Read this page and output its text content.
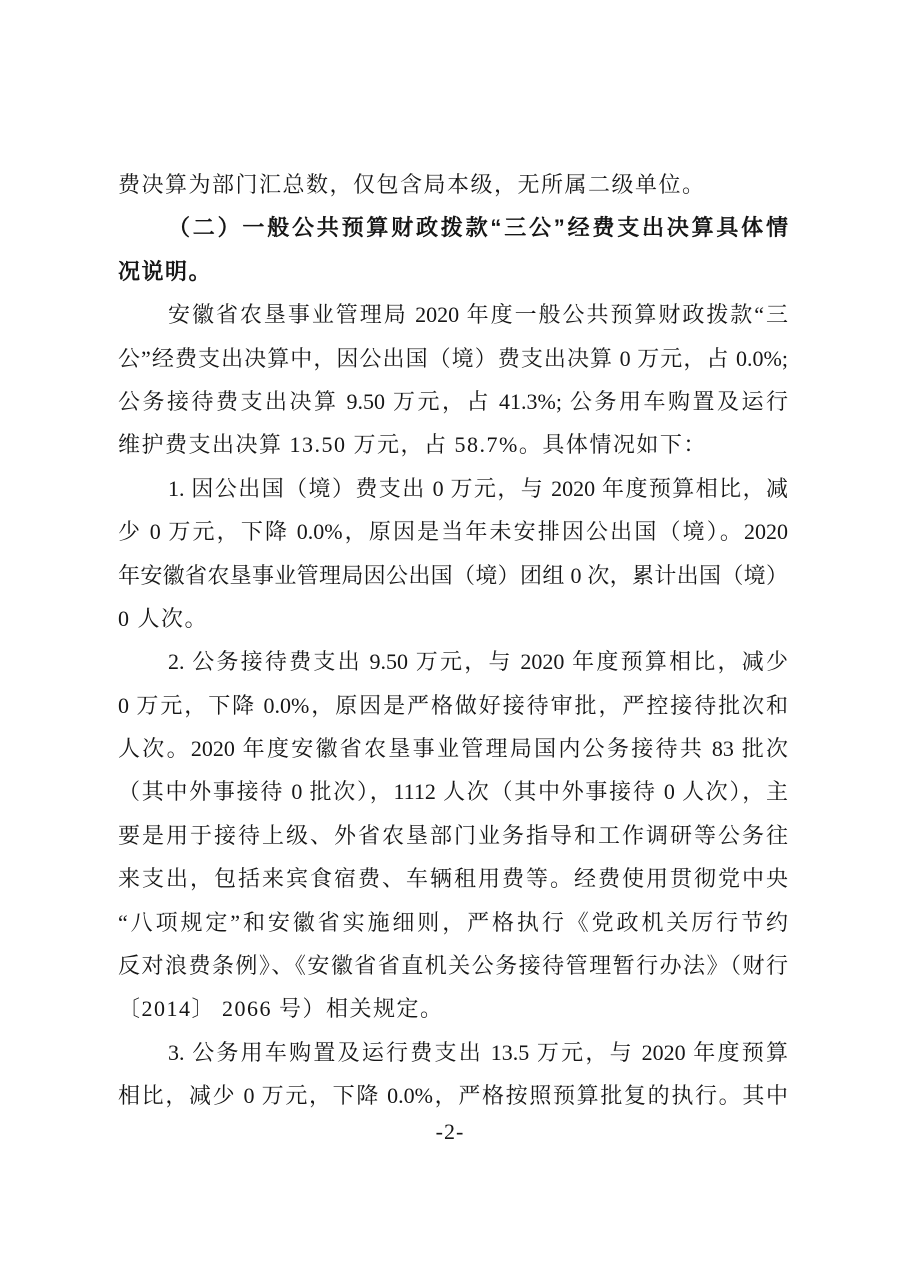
费决算为部门汇总数，仅包含局本级，无所属二级单位。
（二）一般公共预算财政拨款“三公”经费支出决算具体情
况说明。
安徽省农垦事业管理局 2020 年度一般公共预算财政拨款“三
公”经费支出决算中，因公出国（境）费支出决算 0 万元，占 0.0%;
公务接待费支出决算 9.50 万元，占 41.3%; 公务用车购置及运行
维护费支出决算 13.50 万元，占 58.7%。具体情况如下：
1. 因公出国（境）费支出 0 万元，与 2020 年度预算相比，减
少 0 万元，下降 0.0%，原因是当年未安排因公出国（境）。2020
年安徽省农垦事业管理局因公出国（境）团组 0 次，累计出国（境）
0 人次。
2. 公务接待费支出 9.50 万元，与 2020 年度预算相比，减少
0 万元，下降 0.0%，原因是严格做好接待审批，严控接待批次和
人次。2020 年度安徽省农垦事业管理局国内公务接待共 83 批次
（其中外事接待 0 批次），1112 人次（其中外事接待 0 人次），主
要是用于接待上级、外省农垦部门业务指导和工作调研等公务往
来支出，包括来宾食宿费、车辆租用费等。经费使用贯彻党中央
“八项规定”和安徽省实施细则，严格执行《党政机关厉行节约
反对浪费条例》、《安徽省省直机关公务接待管理暂行办法》（财行
〔2014〕 2066 号）相关规定。
3. 公务用车购置及运行费支出 13.5 万元，与 2020 年度预算
相比，减少 0 万元，下降 0.0%，严格按照预算批复的执行。其中
-2-
